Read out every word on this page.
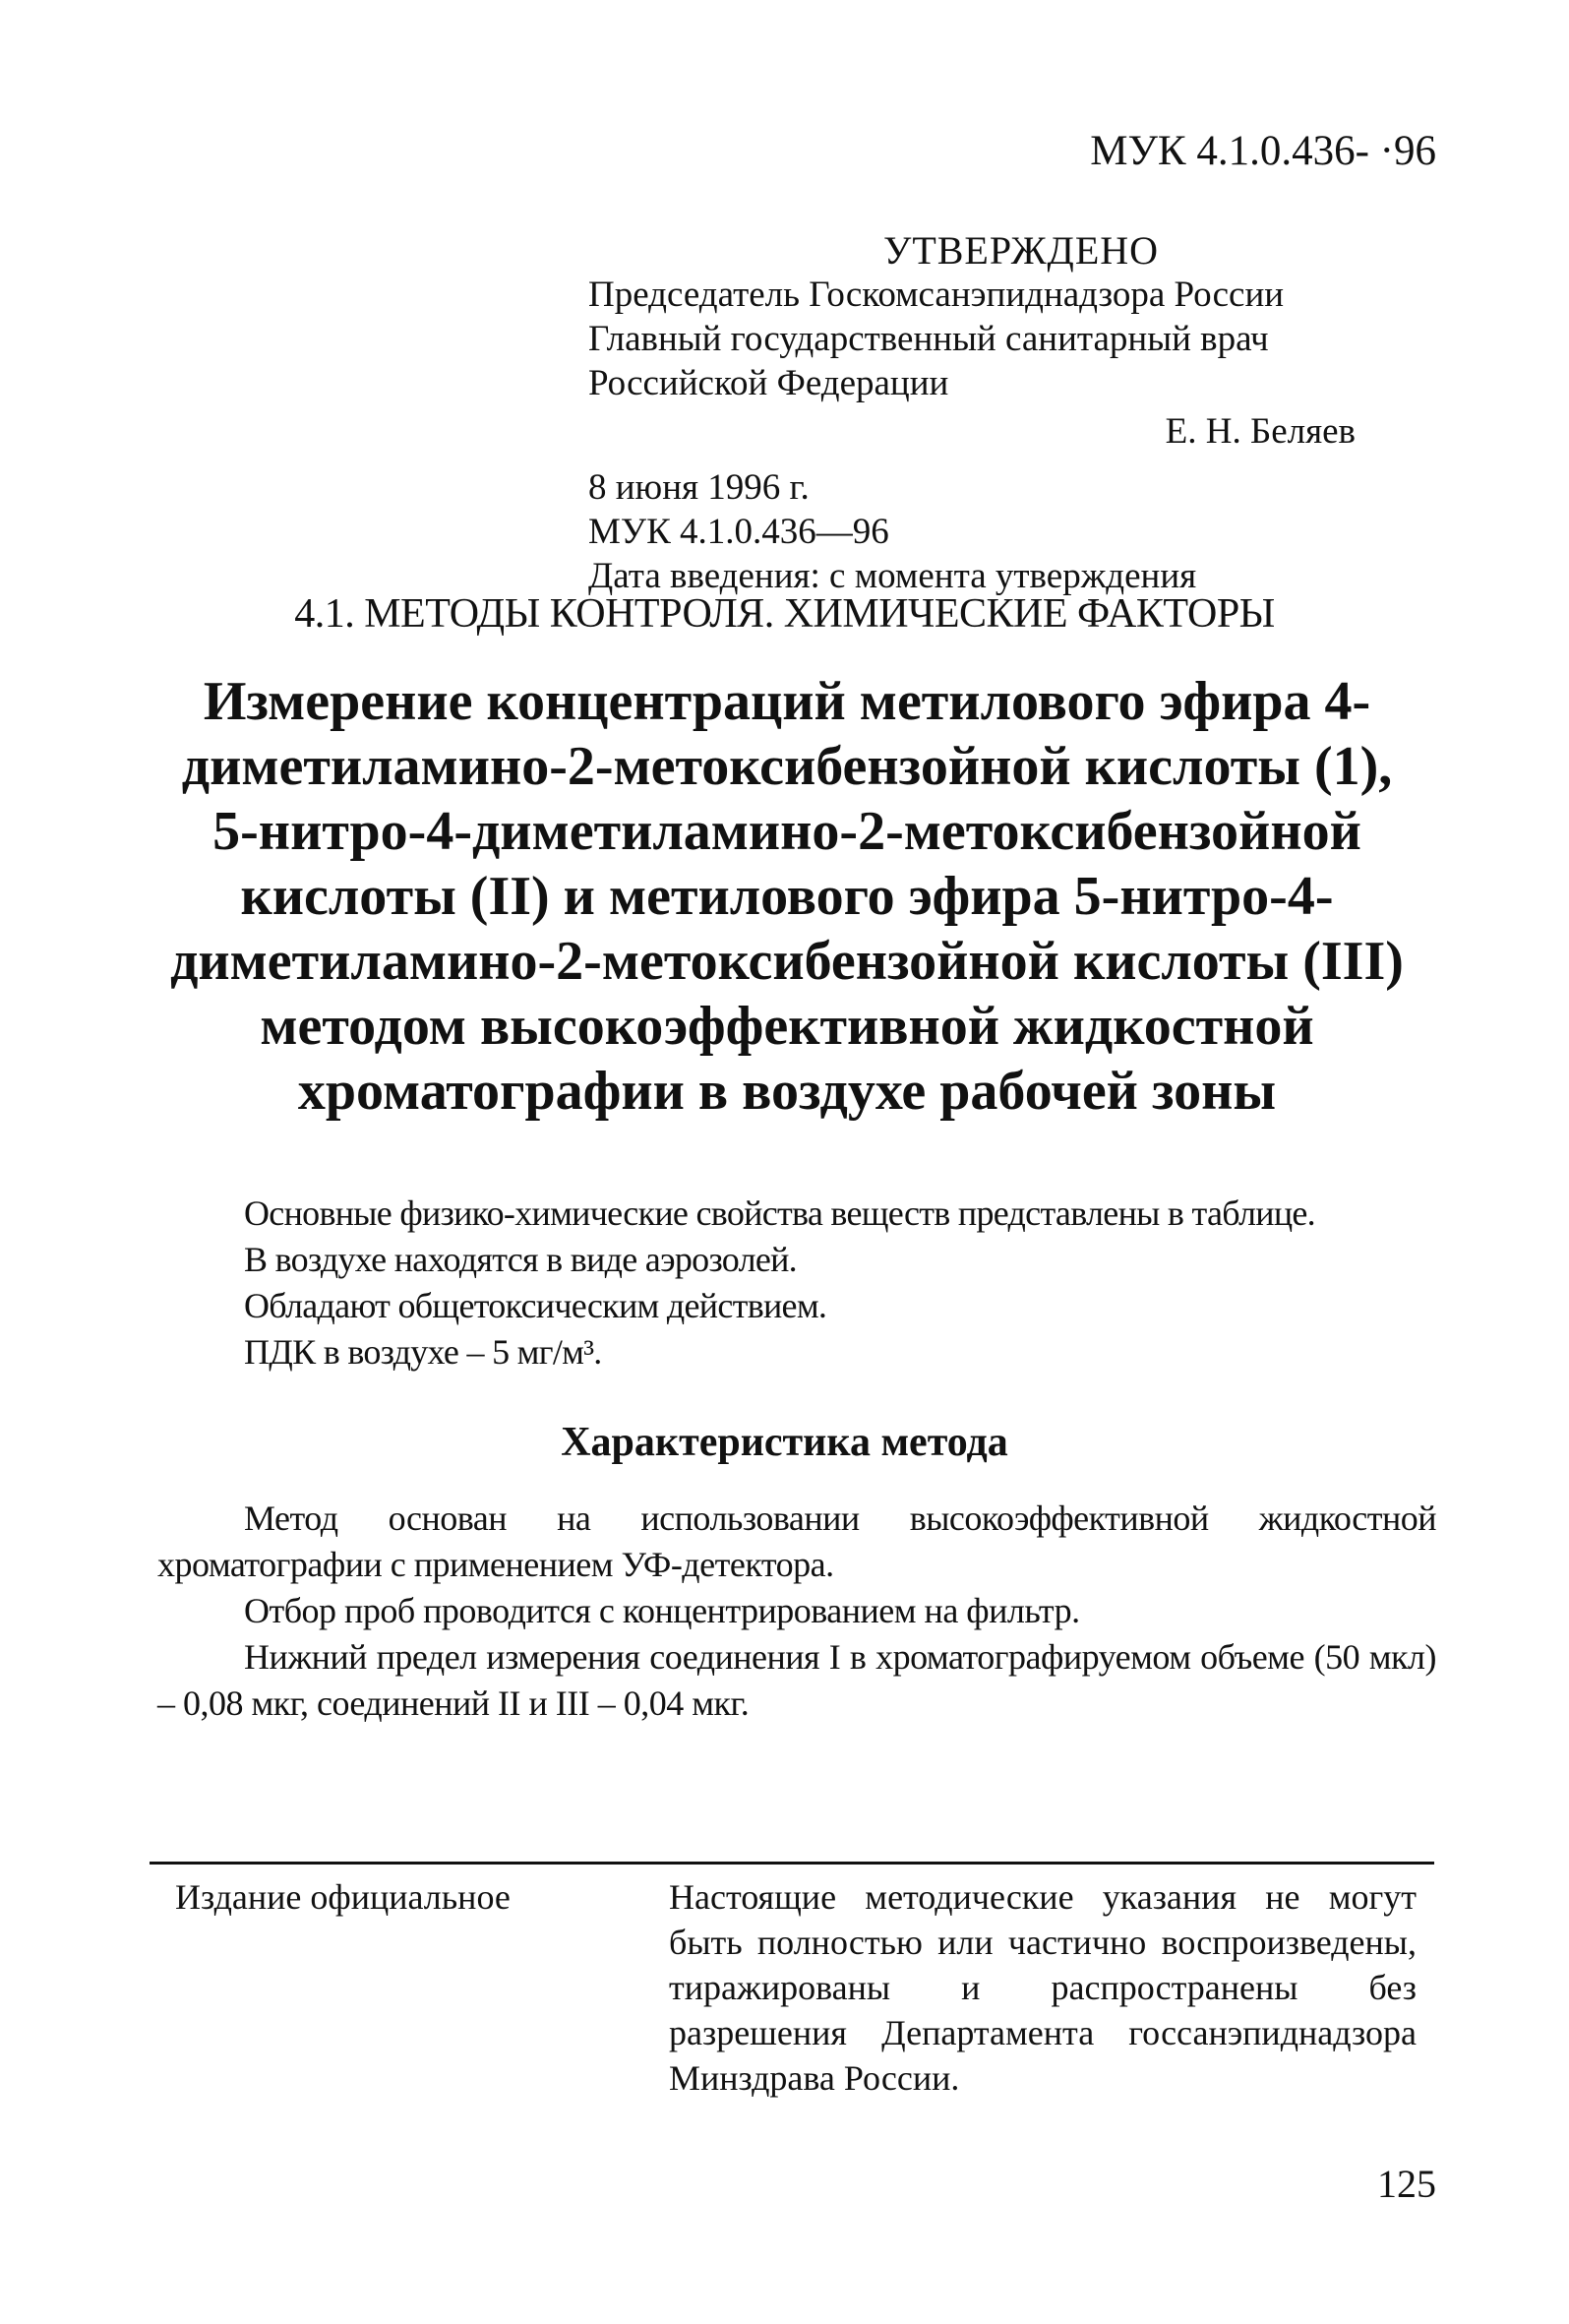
МУК 4.1.0.436- ·96
УТВЕРЖДЕНО
Председатель Госкомсанэпиднадзора России
Главный государственный санитарный врач
Российской Федерации
Е. Н. Беляев
8 июня 1996 г.
МУК 4.1.0.436—96
Дата введения: с момента утверждения
4.1. МЕТОДЫ КОНТРОЛЯ. ХИМИЧЕСКИЕ ФАКТОРЫ
Измерение концентраций метилового эфира 4-
диметиламино-2-метоксибензойной кислоты (1),
5-нитро-4-диметиламино-2-метоксибензойной
кислоты (II) и метилового эфира 5-нитро-4-
диметиламино-2-метоксибензойной кислоты (III)
методом высокоэффективной жидкостной
хроматографии в воздухе рабочей зоны
Основные физико-химические свойства веществ представлены в таблице.
В воздухе находятся в виде аэрозолей.
Обладают общетоксическим действием.
ПДК в воздухе – 5 мг/м³.
Характеристика метода

Метод основан на использовании высокоэффективной жидкостной хроматографии с применением УФ-детектора.

Отбор проб проводится с концентрированием на фильтр.

Нижний предел измерения соединения I в хроматографируемом объеме (50 мкл) – 0,08 мкг, соединений II и III – 0,04 мкг.

Издание официальное	Настоящие методические указания не могут быть полностью или частично воспроизведены, тиражированы и распространены без разрешения Департамента госсанэпиднадзора Минздрава России.
125
